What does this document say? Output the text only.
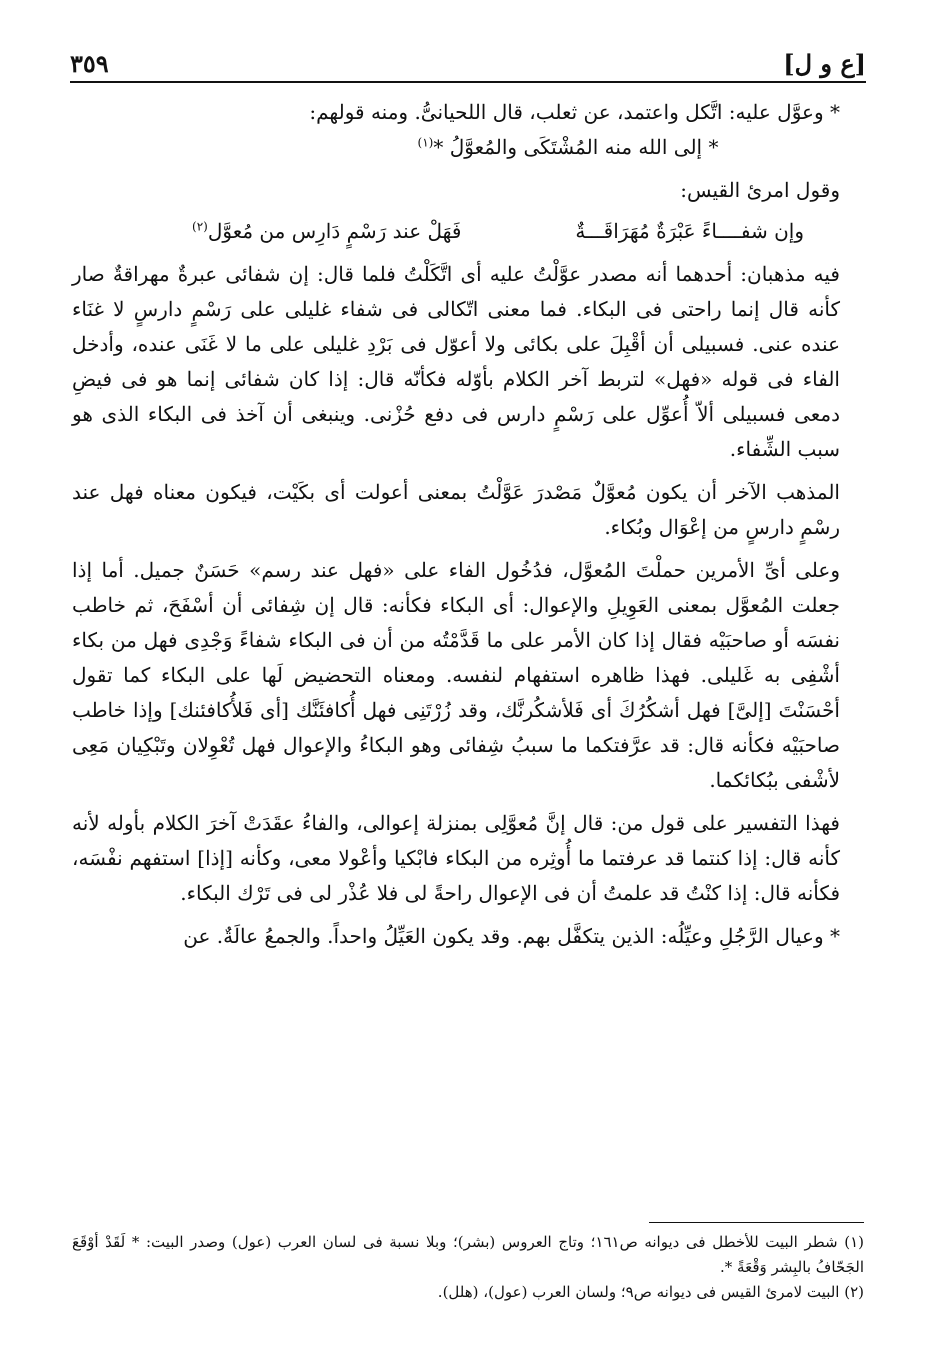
[ع و ل]
٣٥٩

* وعوَّل عليه: اتَّكل واعتمد، عن ثعلب، قال اللحيانىُّ. ومنه قولهم:

* إلى الله منه المُشْتَكَى والمُعوَّلُ *$^{(١)}$

وقول امرئ القيس:

وإن شفــــاءً عَبْرَةٌ مُهَرَاقَـــةٌ
فَهَلْ عند رَسْمٍ دَارِس من مُعوَّل$^{(٢)}$

فيه مذهبان: أحدهما أنه مصدر عوَّلْتُ عليه أى اتَّكَلْتُ فلما قال: إن شفائى عبرةٌ مهراقةٌ صار كأنه قال إنما راحتى فى البكاء. فما معنى اتّكالى فى شفاء غليلى على رَسْمٍ دارسٍ لا غنَاء عنده عنى. فسبيلى أن أقْبِلَ على بكائى ولا أعوّل فى بَرْدِ غليلى على ما لا غَنَى عنده، وأدخل الفاء فى قوله «فهل» لتربط آخر الكلام بأوّله فكأنّه قال: إذا كان شفائى إنما هو فى فيضِ دمعى فسبيلى ألاّ أُعوِّل على رَسْمٍ دارس فى دفع حُزْنى. وينبغى أن آخذ فى البكاء الذى هو سبب الشِّفاء.

المذهب الآخر أن يكون مُعوَّلٌ مَصْدرَ عَوَّلْتُ بمعنى أعولت أى بكَيْت، فيكون معناه فهل عند رسْمٍ دارسٍ من إعْوَال وبُكاء.

وعلى أىِّ الأمرين حملْتَ المُعوَّل، فدُخُول الفاء على «فهل عند رسم» حَسَنٌ جميل. أما إذا جعلت المُعوَّل بمعنى العَوِيلِ والإعوال: أى البكاء فكأنه: قال إن شِفائى أن أسْفَحَ، ثم خاطب نفسَه أو صاحبَيْه فقال إذا كان الأمر على ما قَدَّمْتُه من أن فى البكاء شفاءً وَجْدِى فهل من بكاء أشْفِى به غَليلى. فهذا ظاهره استفهام لنفسه. ومعناه التحضيض لَها على البكاء كما تقول أحْسَنْتَ [إلىَّ] فهل أشكُرُكَ أى فَلأشكُرنَّك، وقد زُرْتَنِى فهل أُكافئَنَّك [أى فَلأُكافئنك] وإذا خاطب صاحبَيْه فكأنه قال: قد عرَّفتكما ما سببُ شِفائى وهو البكاءُ والإعوال فهل تُعْوِلان وتَبْكِيان مَعِى لأشْفى ببُكائكما.

فهذا التفسير على قول من: قال إنَّ مُعوَّلِى بمنزلة إعوالى، والفاءُ عقَدَتْ آخرَ الكلام بأوله لأنه كأنه قال: إذا كنتما قد عرفتما ما أُوثِره من البكاء فابْكيا وأعْولا معى، وكأنه [إذا] استفهم نفْسَه، فكأنه قال: إذا كنْتُ قد علمتُ أن فى الإعوال راحةً لى فلا عُذْر لى فى تَرْك البكاء.

* وعيال الرَّجُلِ وعيِّلُه: الذين يتكفَّل بهم. وقد يكون العَيِّلُ واحداً. والجمعُ عالَةٌ. عن

(١) شطر البيت للأخطل فى ديوانه ص١٦١؛ وتاج العروس (بشر)؛ وبلا نسبة فى لسان العرب (عول) وصدر البيت: * لَقَدْ أوْقَعَ الجَحّافُ بالبِشر وَقْعَةً *.

(٢) البيت لامرئ القيس فى ديوانه ص٩؛ ولسان العرب (عول)، (هلل).
